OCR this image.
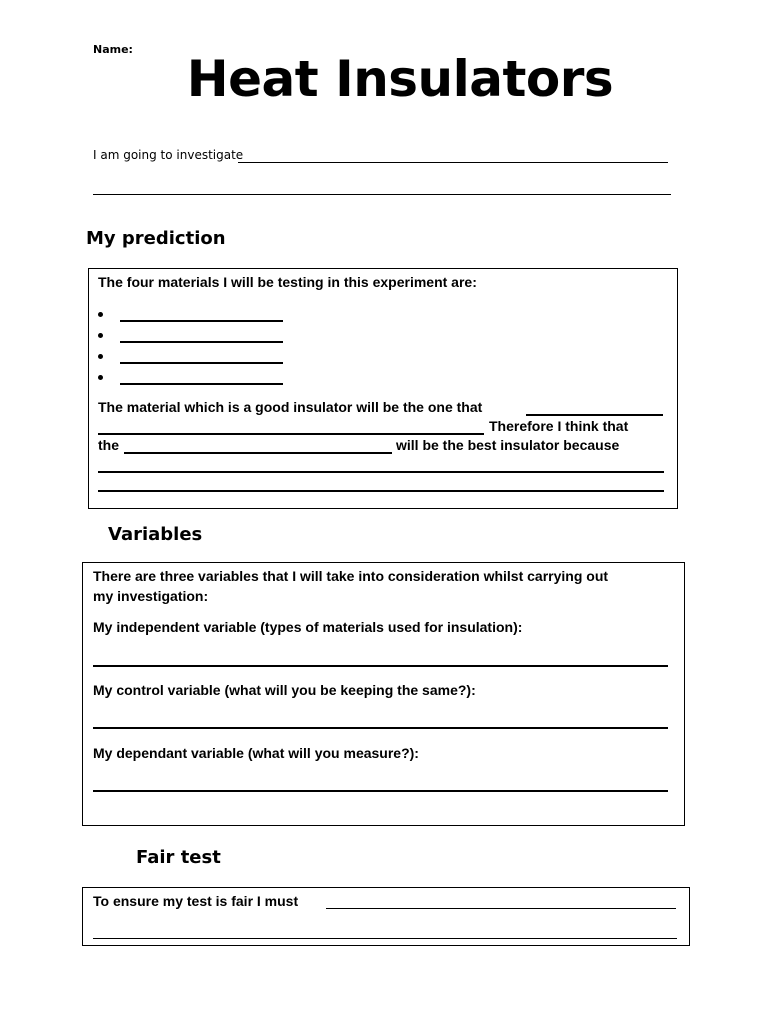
Name:
Heat Insulators
I am going to investigate
My prediction
The four materials I will be testing in this experiment are:
The material which is a good insulator will be the one that
Therefore I think that
the	will be the best insulator because
Variables
There are three variables that I will take into consideration whilst carrying out
my investigation:
My independent variable (types of materials used for insulation):
My control variable (what will you be keeping the same?):
My dependant variable (what will you measure?):
Fair test
To ensure my test is fair I must
